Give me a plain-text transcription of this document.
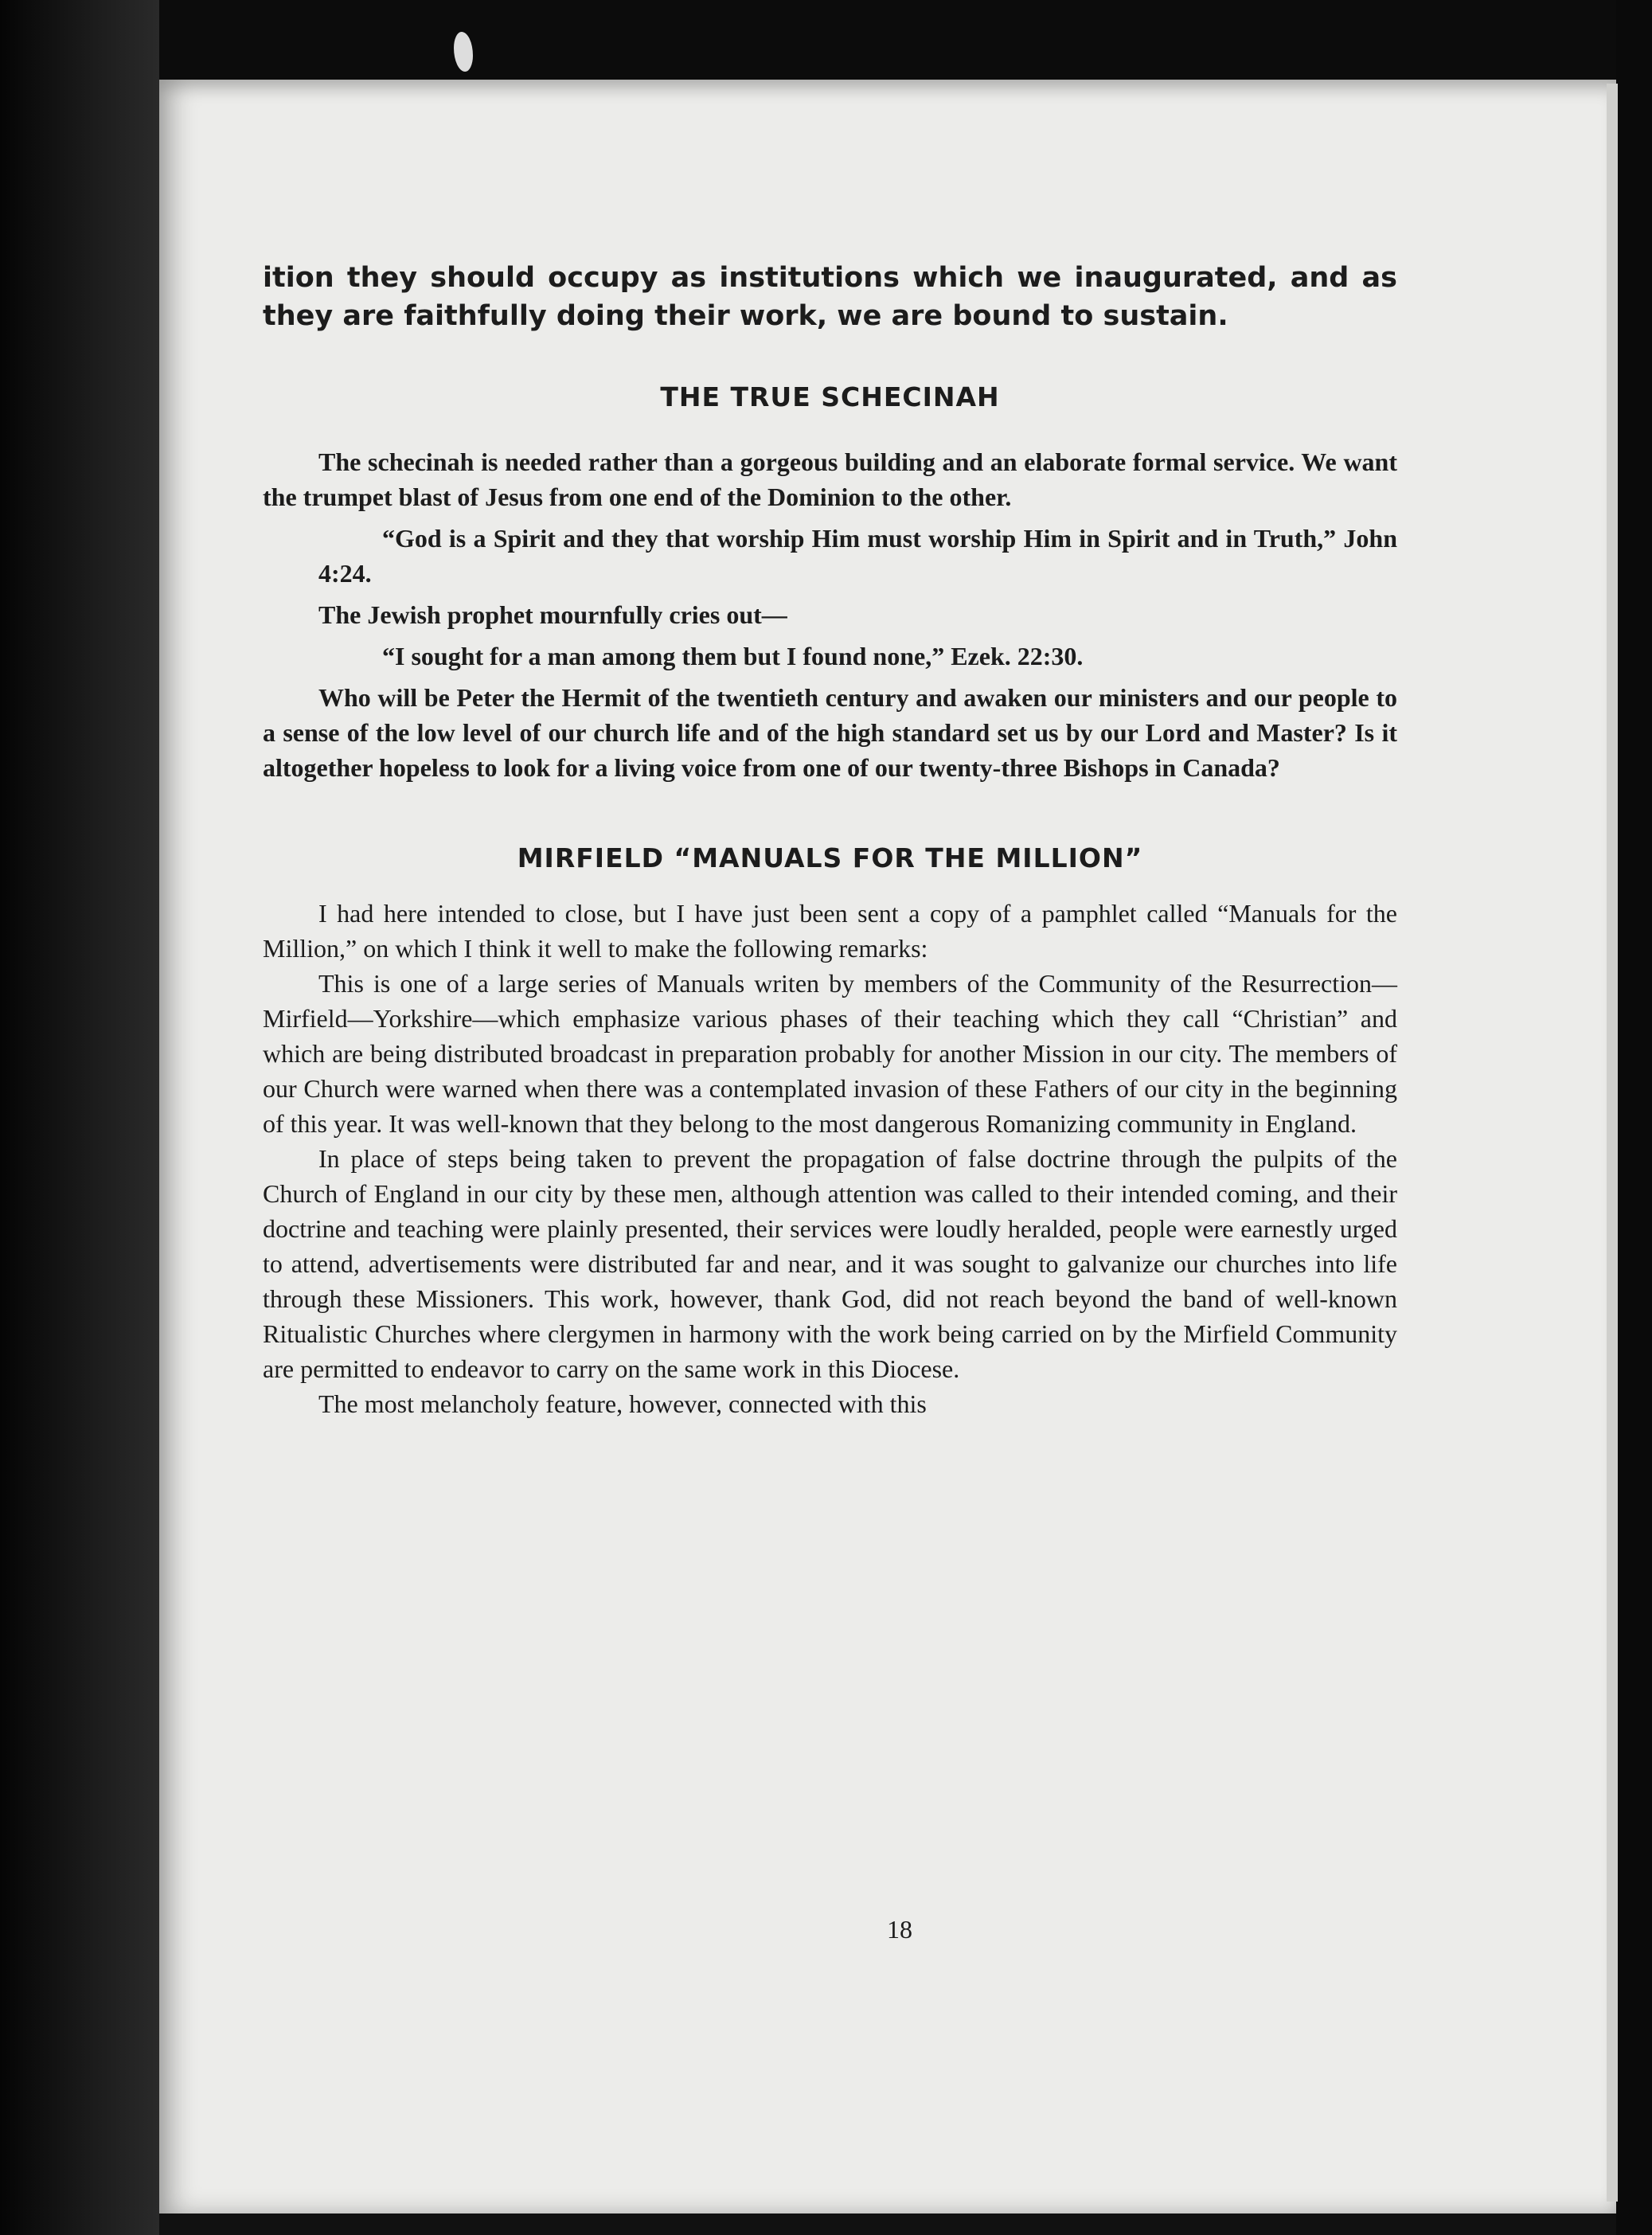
ition they should occupy as institutions which we inaugurated, and as they are faithfully doing their work, we are bound to sustain.

THE TRUE SCHECINAH

The schecinah is needed rather than a gorgeous building and an elaborate formal service. We want the trumpet blast of Jesus from one end of the Dominion to the other.

“God is a Spirit and they that worship Him must worship Him in Spirit and in Truth,” John 4:24.

The Jewish prophet mournfully cries out—

“I sought for a man among them but I found none,” Ezek. 22:30.

Who will be Peter the Hermit of the twentieth century and awaken our ministers and our people to a sense of the low level of our church life and of the high standard set us by our Lord and Master? Is it altogether hopeless to look for a living voice from one of our twenty-three Bishops in Canada?

MIRFIELD “MANUALS FOR THE MILLION”

I had here intended to close, but I have just been sent a copy of a pamphlet called “Manuals for the Million,” on which I think it well to make the following remarks:

This is one of a large series of Manuals writen by members of the Community of the Resurrection—Mirfield—Yorkshire—which emphasize various phases of their teaching which they call “Christian” and which are being distributed broadcast in preparation probably for another Mission in our city. The members of our Church were warned when there was a contemplated invasion of these Fathers of our city in the beginning of this year. It was well-known that they belong to the most dangerous Romanizing community in England.

In place of steps being taken to prevent the propagation of false doctrine through the pulpits of the Church of England in our city by these men, although attention was called to their intended coming, and their doctrine and teaching were plainly presented, their services were loudly heralded, people were earnestly urged to attend, advertisements were distributed far and near, and it was sought to galvanize our churches into life through these Missioners. This work, however, thank God, did not reach beyond the band of well-known Ritualistic Churches where clergymen in harmony with the work being carried on by the Mirfield Community are permitted to endeavor to carry on the same work in this Diocese.

The most melancholy feature, however, connected with this

18
